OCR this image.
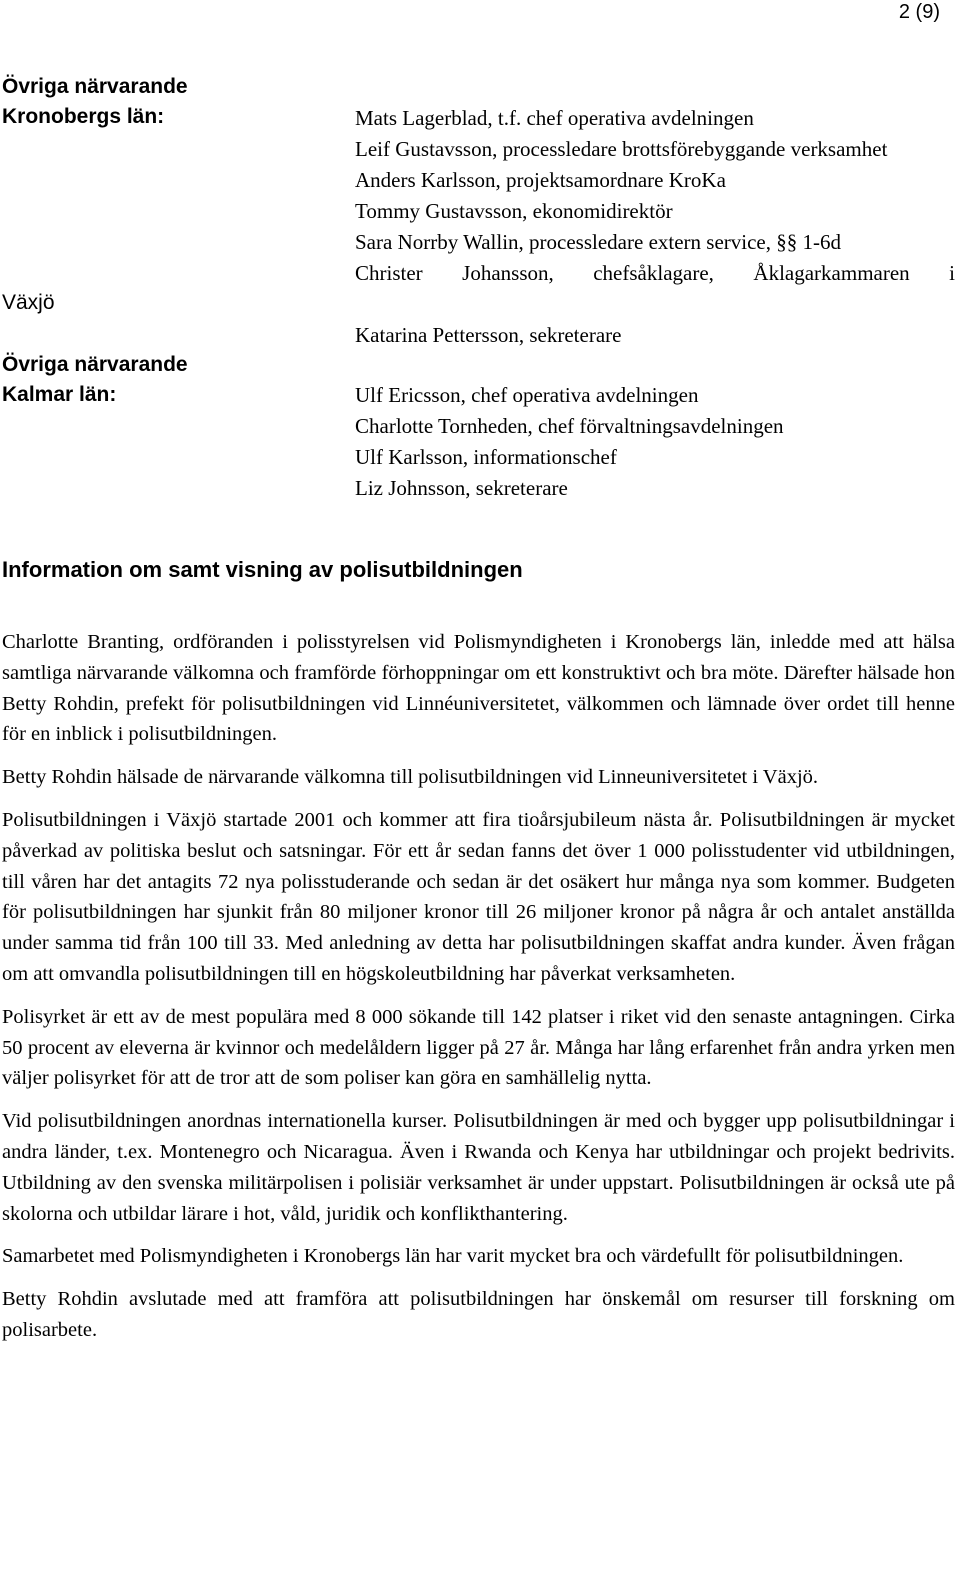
2 (9)
Övriga närvarande
Kronobergs län:
Växjö
Övriga närvarande
Kalmar län:
Mats Lagerblad, t.f. chef operativa avdelningen
Leif Gustavsson, processledare brottsförebyggande verksamhet
Anders Karlsson, projektsamordnare KroKa
Tommy Gustavsson, ekonomidirektör
Sara Norrby Wallin, processledare extern service, §§ 1-6d
Christer Johansson, chefsåklagare, Åklagarkammaren i
Katarina Pettersson, sekreterare
Ulf Ericsson, chef operativa avdelningen
Charlotte Tornheden, chef förvaltningsavdelningen
Ulf Karlsson, informationschef
Liz Johnsson, sekreterare
Information om samt visning av polisutbildningen

Charlotte Branting, ordföranden i polisstyrelsen vid Polismyndigheten i Kronobergs län, inledde med att hälsa samtliga närvarande välkomna och framförde förhoppningar om ett konstruktivt och bra möte. Därefter hälsade hon Betty Rohdin, prefekt för polisutbildningen vid Linnéuniversitetet, välkommen och lämnade över ordet till henne för en inblick i polisutbildningen.

Betty Rohdin hälsade de närvarande välkomna till polisutbildningen vid Linneuniversitetet i Växjö.

Polisutbildningen i Växjö startade 2001 och kommer att fira tioårsjubileum nästa år. Polisutbildningen är mycket påverkad av politiska beslut och satsningar. För ett år sedan fanns det över 1 000 polisstudenter vid utbildningen, till våren har det antagits 72 nya polisstuderande och sedan är det osäkert hur många nya som kommer. Budgeten för polisutbildningen har sjunkit från 80 miljoner kronor till 26 miljoner kronor på några år och antalet anställda under samma tid från 100 till 33. Med anledning av detta har polisutbildningen skaffat andra kunder. Även frågan om att omvandla polisutbildningen till en högskoleutbildning har påverkat verksamheten.

Polisyrket är ett av de mest populära med 8 000 sökande till 142 platser i riket vid den senaste antagningen. Cirka 50 procent av eleverna är kvinnor och medelåldern ligger på 27 år. Många har lång erfarenhet från andra yrken men väljer polisyrket för att de tror att de som poliser kan göra en samhällelig nytta.

Vid polisutbildningen anordnas internationella kurser. Polisutbildningen är med och bygger upp polisutbildningar i andra länder, t.ex. Montenegro och Nicaragua. Även i Rwanda och Kenya har utbildningar och projekt bedrivits. Utbildning av den svenska militärpolisen i polisiär verksamhet är under uppstart. Polisutbildningen är också ute på skolorna och utbildar lärare i hot, våld, juridik och konflikthantering.

Samarbetet med Polismyndigheten i Kronobergs län har varit mycket bra och värdefullt för polisutbildningen.

Betty Rohdin avslutade med att framföra att polisutbildningen har önskemål om resurser till forskning om polisarbete.
